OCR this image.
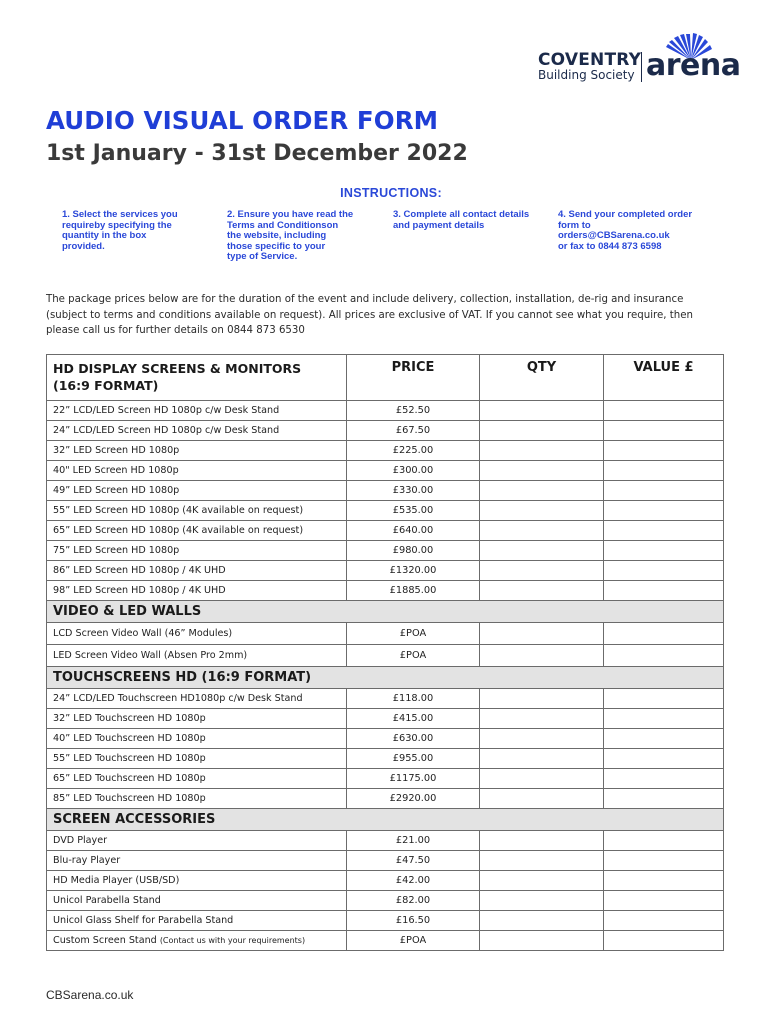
COVENTRY
Building Society arena
AUDIO VISUAL ORDER FORM
1st January - 31st December 2022
INSTRUCTIONS:
1. Select the services you
requireby specifying the
quantity in the box
provided.
2. Ensure you have read the
Terms and Conditionson
the website, including
those specific to your
type of Service.
3. Complete all contact details
and payment details
4. Send your completed order
form to
orders@CBSarena.co.uk
or fax to 0844 873 6598
The package prices below are for the duration of the event and include delivery, collection, installation, de-rig and insurance (subject to terms and conditions available on request). All prices are exclusive of VAT. If you cannot see what you require, then please call us for further details on 0844 873 6530
HD DISPLAY SCREENS & MONITORS (16:9 FORMAT)	PRICE	QTY	VALUE £
22” LCD/LED Screen HD 1080p c/w Desk Stand	£52.50		
24” LCD/LED Screen HD 1080p c/w Desk Stand	£67.50		
32” LED Screen HD 1080p	£225.00		
40" LED Screen HD 1080p	£300.00		
49” LED Screen HD 1080p	£330.00		
55” LED Screen HD 1080p (4K available on request)	£535.00		
65” LED Screen HD 1080p (4K available on request)	£640.00		
75” LED Screen HD 1080p	£980.00		
86” LED Screen HD 1080p / 4K UHD	£1320.00		
98” LED Screen HD 1080p / 4K UHD	£1885.00		
VIDEO & LED WALLS			
LCD Screen Video Wall (46” Modules)	£POA		
LED Screen Video Wall (Absen Pro 2mm)	£POA		
TOUCHSCREENS HD (16:9 FORMAT)			
24” LCD/LED Touchscreen HD1080p c/w Desk Stand	£118.00		
32” LED Touchscreen HD 1080p	£415.00		
40” LED Touchscreen HD 1080p	£630.00		
55” LED Touchscreen HD 1080p	£955.00		
65” LED Touchscreen HD 1080p	£1175.00		
85” LED Touchscreen HD 1080p	£2920.00		
SCREEN ACCESSORIES			
DVD Player	£21.00		
Blu-ray Player	£47.50		
HD Media Player (USB/SD)	£42.00		
Unicol Parabella Stand	£82.00		
Unicol Glass Shelf for Parabella Stand	£16.50		
Custom Screen Stand (Contact us with your requirements)	£POA		
CBSarena.co.uk
